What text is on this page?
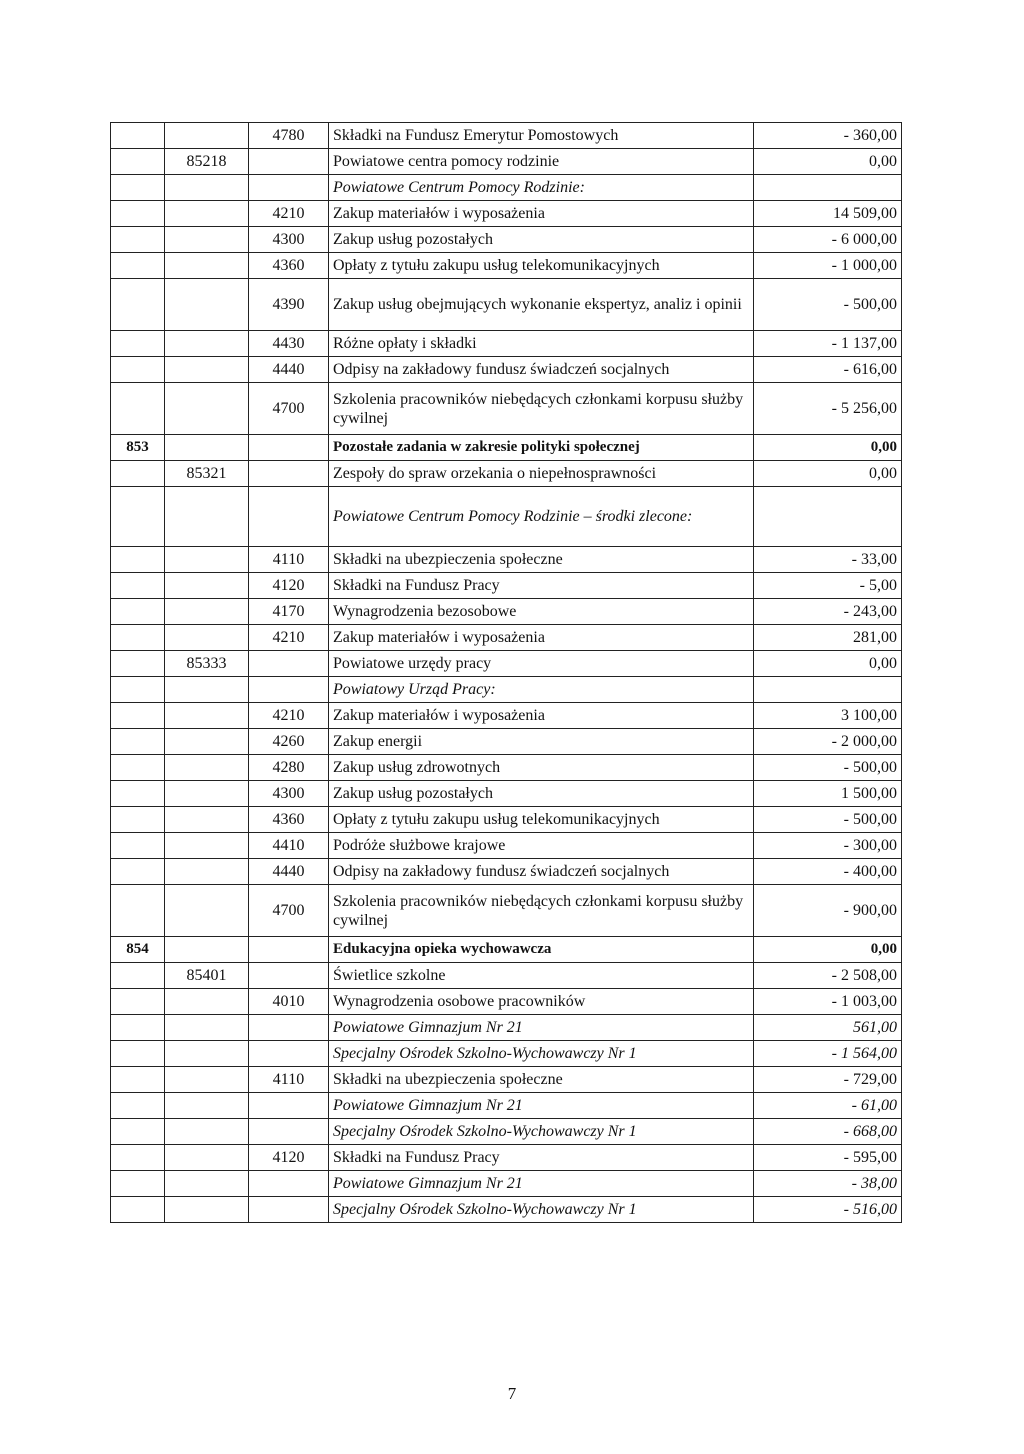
		4780	Składki na Fundusz Emerytur Pomostowych	- 360,00
	85218		Powiatowe centra pomocy rodzinie	0,00
			Powiatowe Centrum Pomocy Rodzinie:	
		4210	Zakup materiałów i wyposażenia	14 509,00
		4300	Zakup usług pozostałych	- 6 000,00
		4360	Opłaty z tytułu zakupu usług telekomunikacyjnych	- 1 000,00
		4390	Zakup usług obejmujących wykonanie ekspertyz, analiz i opinii	- 500,00
		4430	Różne opłaty i składki	- 1 137,00
		4440	Odpisy na zakładowy fundusz świadczeń socjalnych	- 616,00
		4700	Szkolenia pracowników niebędących członkami korpusu służby cywilnej	- 5 256,00
853			Pozostałe zadania w zakresie polityki społecznej	0,00
	85321		Zespoły do spraw orzekania o niepełnosprawności	0,00
			Powiatowe Centrum Pomocy Rodzinie – środki zlecone:	
		4110	Składki na ubezpieczenia społeczne	- 33,00
		4120	Składki na Fundusz Pracy	- 5,00
		4170	Wynagrodzenia bezosobowe	- 243,00
		4210	Zakup materiałów i wyposażenia	281,00
	85333		Powiatowe urzędy pracy	0,00
			Powiatowy Urząd Pracy:	
		4210	Zakup materiałów i wyposażenia	3 100,00
		4260	Zakup energii	- 2 000,00
		4280	Zakup usług zdrowotnych	- 500,00
		4300	Zakup usług pozostałych	1 500,00
		4360	Opłaty z tytułu zakupu usług telekomunikacyjnych	- 500,00
		4410	Podróże służbowe krajowe	- 300,00
		4440	Odpisy na zakładowy fundusz świadczeń socjalnych	- 400,00
		4700	Szkolenia pracowników niebędących członkami korpusu służby cywilnej	- 900,00
854			Edukacyjna opieka wychowawcza	0,00
	85401		Świetlice szkolne	- 2 508,00
		4010	Wynagrodzenia osobowe pracowników	- 1 003,00
			Powiatowe Gimnazjum Nr 21	561,00
			Specjalny Ośrodek Szkolno-Wychowawczy Nr 1	- 1 564,00
		4110	Składki na ubezpieczenia społeczne	- 729,00
			Powiatowe Gimnazjum Nr 21	- 61,00
			Specjalny Ośrodek Szkolno-Wychowawczy Nr 1	- 668,00
		4120	Składki na Fundusz Pracy	- 595,00
			Powiatowe Gimnazjum Nr 21	- 38,00
			Specjalny Ośrodek Szkolno-Wychowawczy Nr 1	- 516,00
7
